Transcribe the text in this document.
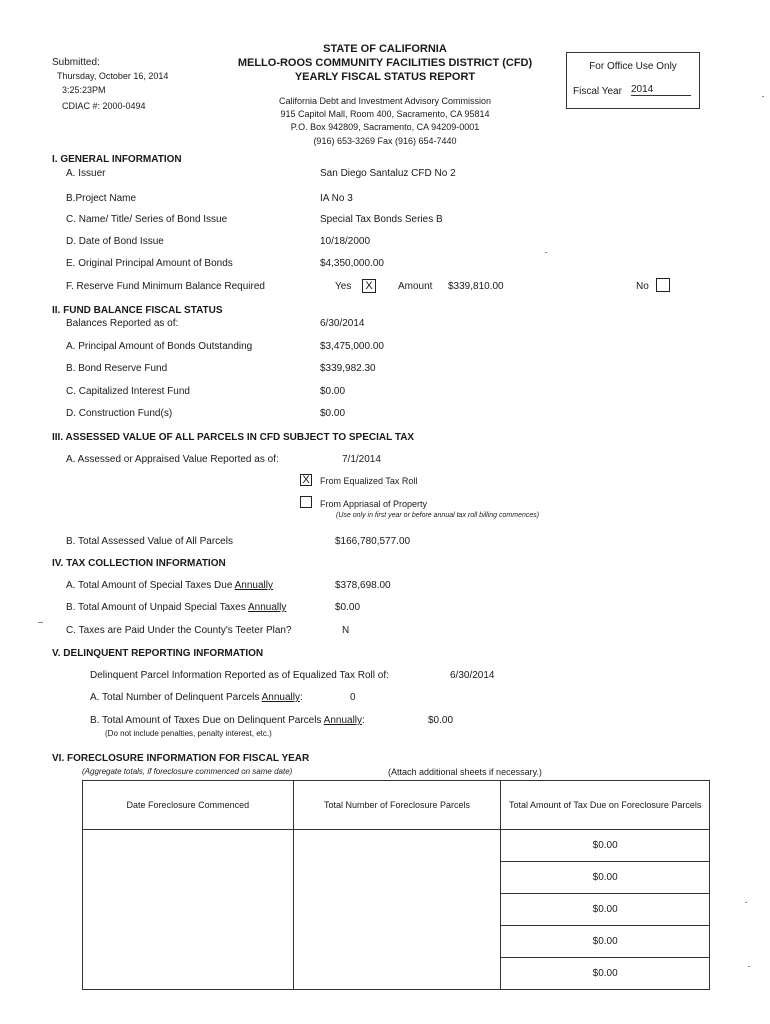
Submitted:
Thursday, October 16, 2014
3:25:23PM
CDIAC #: 2000-0494
STATE OF CALIFORNIA
MELLO-ROOS COMMUNITY FACILITIES DISTRICT (CFD)
YEARLY FISCAL STATUS REPORT
California Debt and Investment Advisory Commission
915 Capitol Mall, Room 400, Sacramento, CA 95814
P.O. Box 942809, Sacramento, CA 94209-0001
(916) 653-3269 Fax (916) 654-7440
For Office Use Only
Fiscal Year 2014
I. GENERAL INFORMATION
A. Issuer	San Diego Santaluz CFD No 2
B.Project Name	IA No 3
C. Name/ Title/ Series of Bond Issue	Special Tax Bonds Series B
D. Date of Bond Issue	10/18/2000
E. Original Principal Amount of Bonds	$4,350,000.00
F. Reserve Fund Minimum Balance Required	Yes	X	Amount $339,810.00	No
II. FUND BALANCE FISCAL STATUS
Balances Reported as of:	6/30/2014
A. Principal Amount of Bonds Outstanding	$3,475,000.00
B. Bond Reserve Fund	$339,982.30
C. Capitalized Interest Fund	$0.00
D. Construction Fund(s)	$0.00
III. ASSESSED VALUE OF ALL PARCELS IN CFD SUBJECT TO SPECIAL TAX
A. Assessed or Appraised Value Reported as of:	7/1/2014
X From Equalized Tax Roll
From Appriasal of Property
(Use only in first year or before annual tax roll billing commences)
B. Total Assessed Value of All Parcels	$166,780,577.00
IV. TAX COLLECTION INFORMATION
A. Total Amount of Special Taxes Due Annually	$378,698.00
B. Total Amount of Unpaid Special Taxes Annually	$0.00
C. Taxes are Paid Under the County's Teeter Plan?	N
V. DELINQUENT REPORTING INFORMATION
Delinquent Parcel Information Reported as of Equalized Tax Roll of:	6/30/2014
A. Total Number of Delinquent Parcels Annually:	0
B. Total Amount of Taxes Due on Delinquent Parcels Annually:	$0.00
(Do not include penalties, penalty interest, etc.)
VI. FORECLOSURE INFORMATION FOR FISCAL YEAR
(Aggregate totals, if foreclosure commenced on same date)	(Attach additional sheets if necessary.)
Date Foreclosure Commenced	Total Number of Foreclosure Parcels	Total Amount of Tax Due on Foreclosure Parcels
		$0.00
		$0.00
		$0.00
		$0.00
		$0.00
